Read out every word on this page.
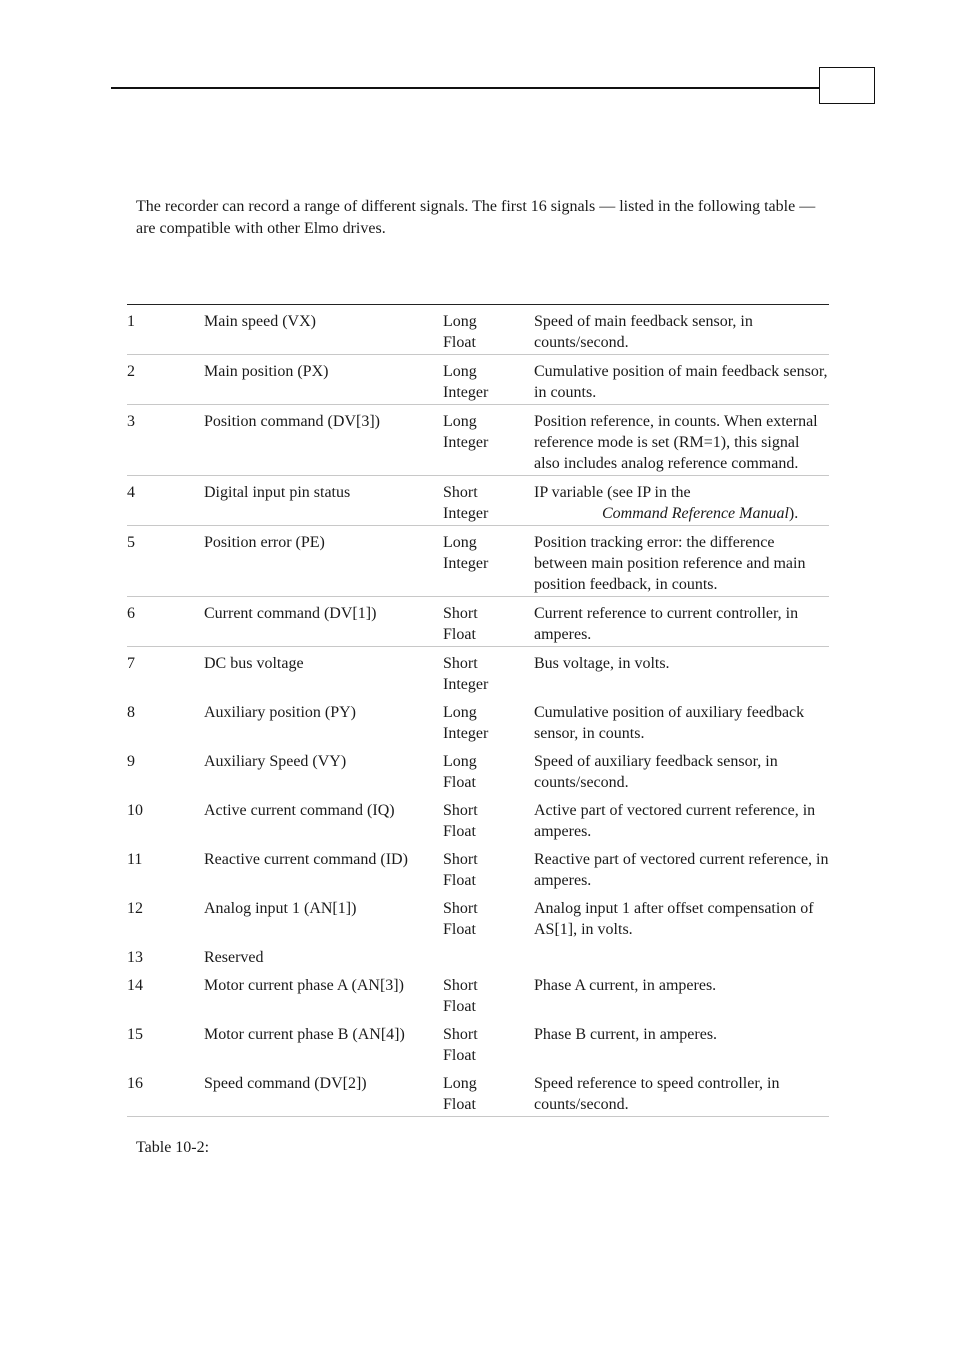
The recorder can record a range of different signals. The first 16 signals — listed in the following table — are compatible with other Elmo drives.

1	Main speed (VX)	Long
Float	Speed of main feedback sensor, in counts/second.
2	Main position (PX)	Long
Integer	Cumulative position of main feedback sensor, in counts.
3	Position command (DV[3])	Long
Integer	Position reference, in counts. When external reference mode is set (RM=1), this signal also includes analog reference command.
4	Digital input pin status	Short
Integer	IP variable (see IP in the
Command Reference Manual).

5	Position error (PE)	Long
Integer	Position tracking error: the difference between main position reference and main position feedback, in counts.
6	Current command (DV[1])	Short
Float	Current reference to current controller, in amperes.
7	DC bus voltage	Short
Integer	Bus voltage, in volts.
8	Auxiliary position (PY)	Long
Integer	Cumulative position of auxiliary feedback sensor, in counts.
9	Auxiliary Speed (VY)	Long
Float	Speed of auxiliary feedback sensor, in counts/second.
10	Active current command (IQ)	Short
Float	Active part of vectored current reference, in amperes.
11	Reactive current command (ID)	Short
Float	Reactive part of vectored current reference, in amperes.
12	Analog input 1 (AN[1])	Short
Float	Analog input 1 after offset compensation of AS[1], in volts.
13	Reserved	

14	Motor current phase A (AN[3])	Short
Float	Phase A current, in amperes.
15	Motor current phase B (AN[4])	Short
Float	Phase B current, in amperes.
16	Speed command (DV[2])	Long
Float	Speed reference to speed controller, in counts/second.

Table 10-2:
